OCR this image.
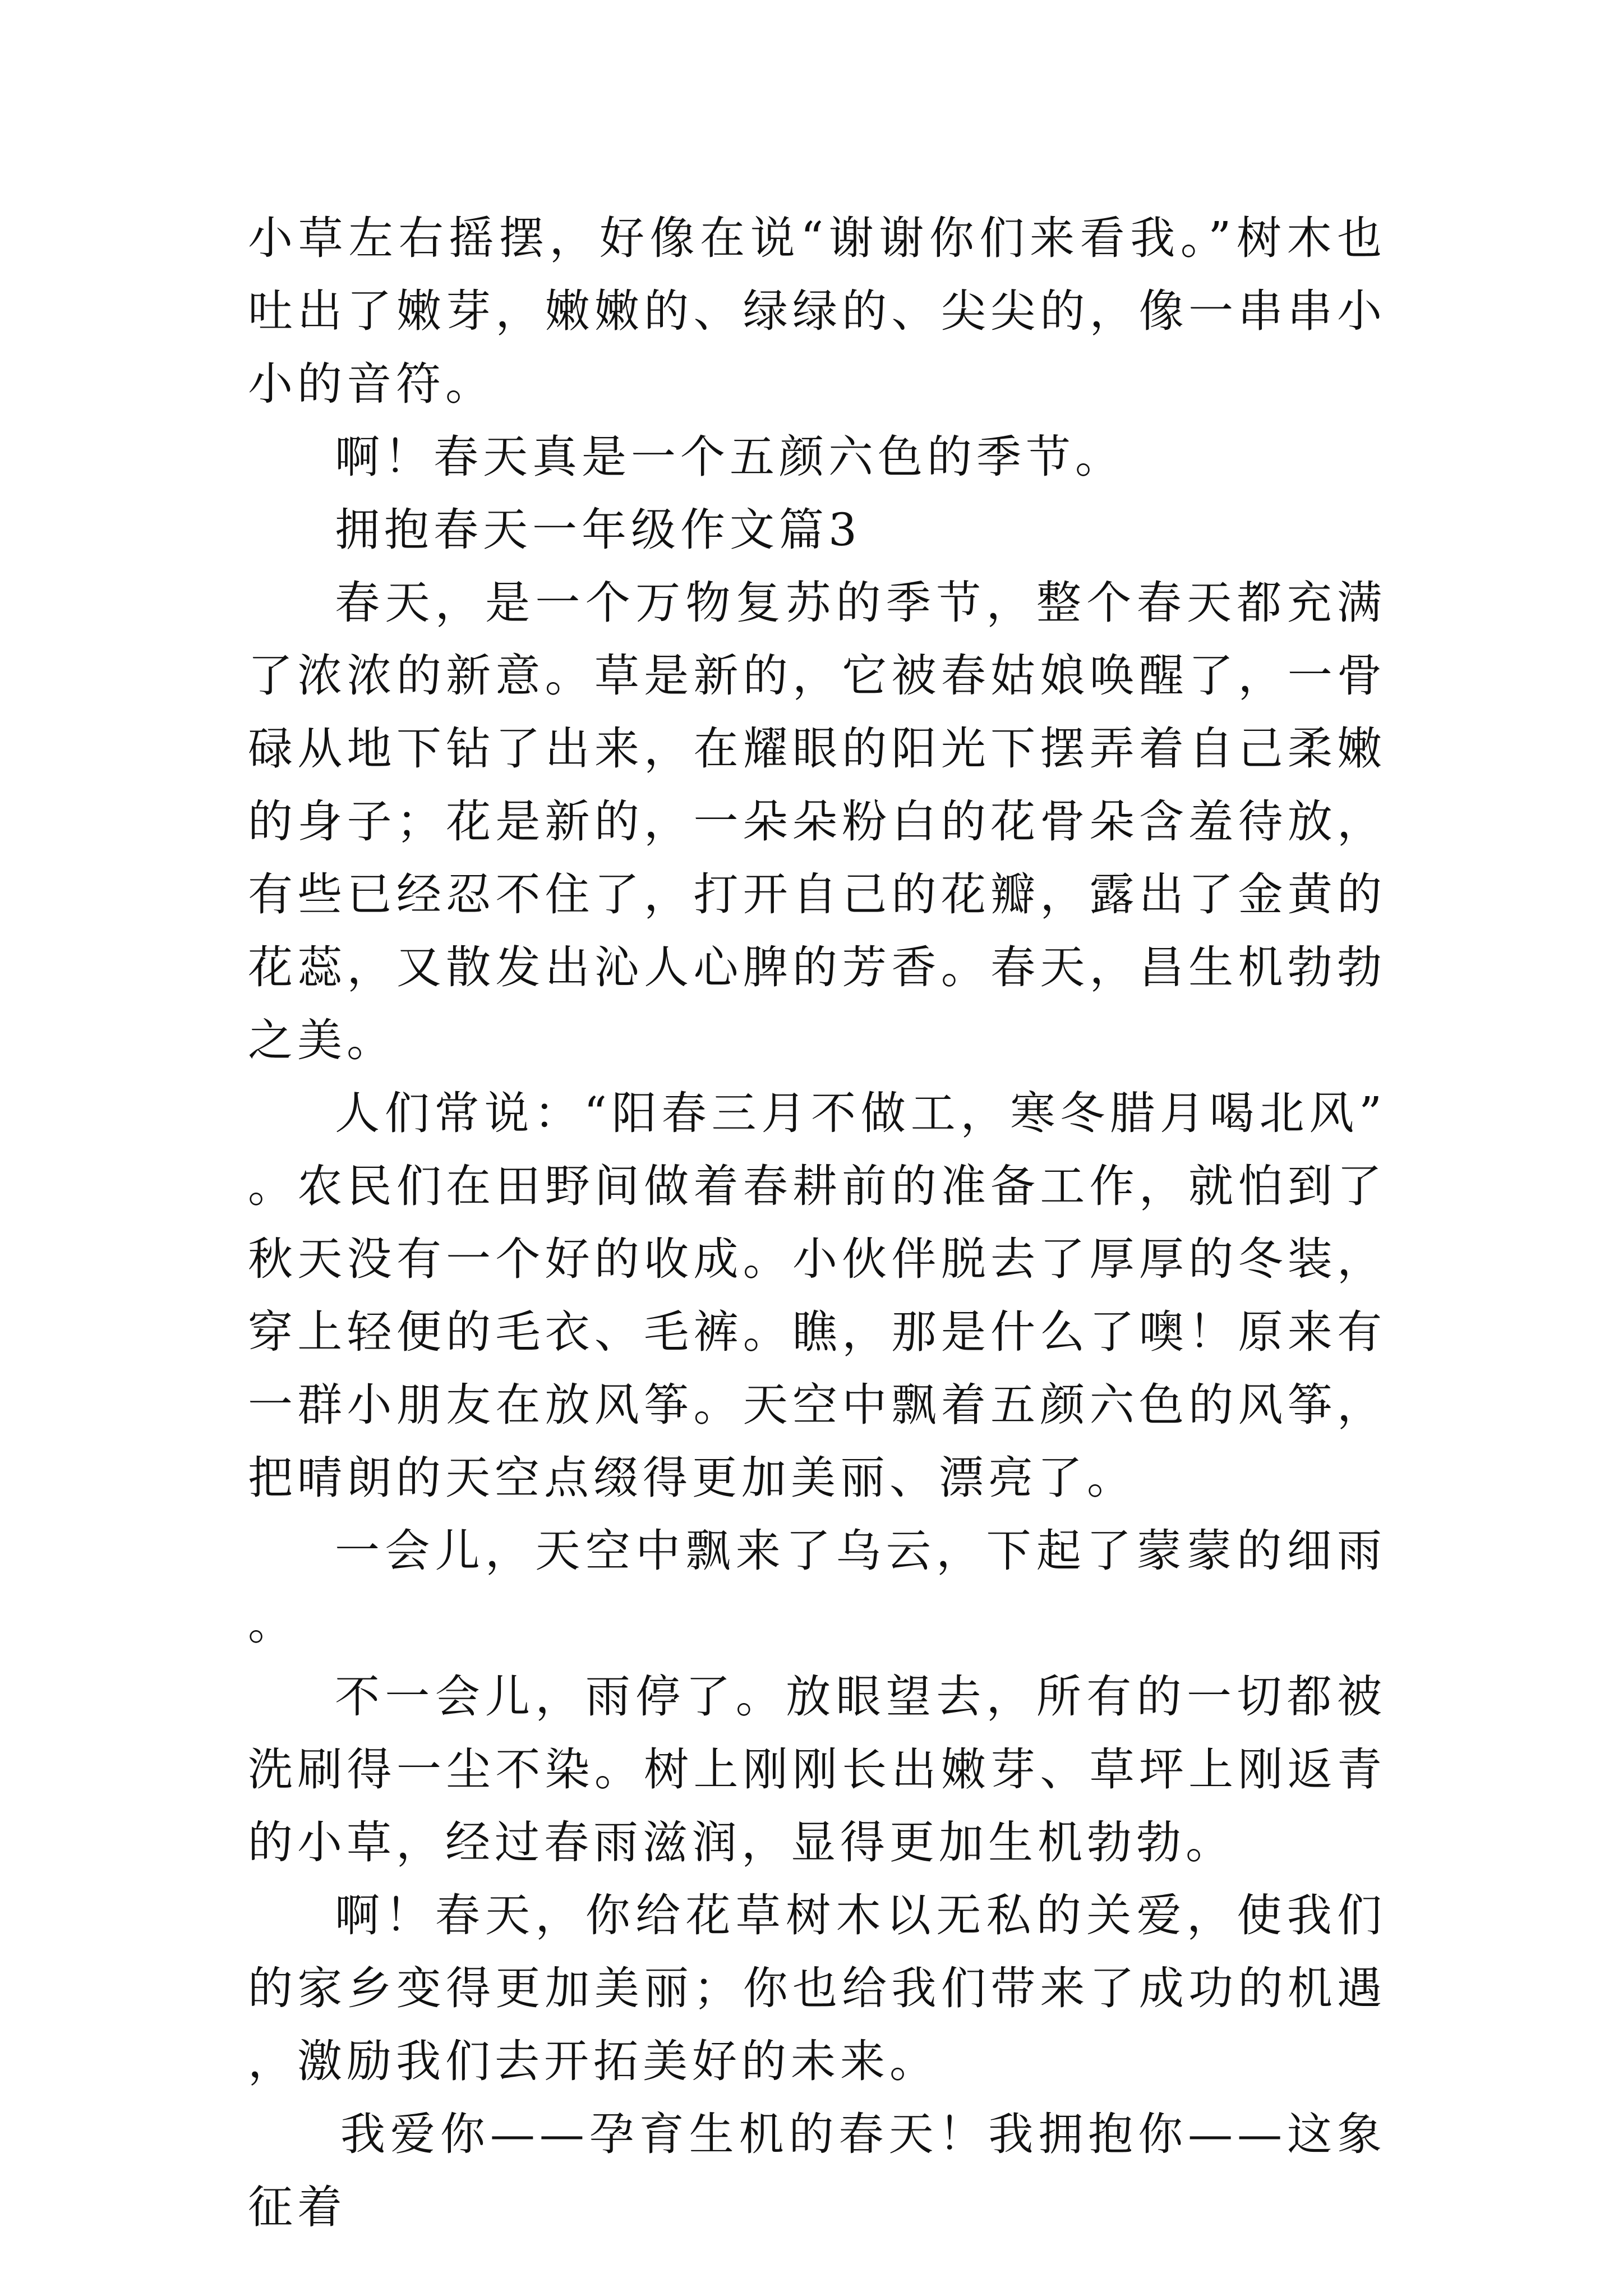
小草左右摇摆，好像在说“谢谢你们来看我。”树木也吐出了嫩芽，嫩嫩的、绿绿的、尖尖的，像一串串小小的音符。

啊！春天真是一个五颜六色的季节。

拥抱春天一年级作文篇3

春天，是一个万物复苏的季节，整个春天都充满了浓浓的新意。草是新的，它被春姑娘唤醒了，一骨碌从地下钻了出来，在耀眼的阳光下摆弄着自己柔嫩的身子；花是新的，一朵朵粉白的花骨朵含羞待放，有些已经忍不住了，打开自己的花瓣，露出了金黄的花蕊，又散发出沁人心脾的芳香。春天，昌生机勃勃之美。

人们常说：“阳春三月不做工，寒冬腊月喝北风”。农民们在田野间做着春耕前的准备工作，就怕到了秋天没有一个好的收成。小伙伴脱去了厚厚的冬装，穿上轻便的毛衣、毛裤。瞧，那是什么了噢！原来有一群小朋友在放风筝。天空中飘着五颜六色的风筝，把晴朗的天空点缀得更加美丽、漂亮了。

一会儿，天空中飘来了乌云，下起了蒙蒙的细雨。

不一会儿，雨停了。放眼望去，所有的一切都被洗刷得一尘不染。树上刚刚长出嫩芽、草坪上刚返青的小草，经过春雨滋润，显得更加生机勃勃。

啊！春天，你给花草树木以无私的关爱，使我们的家乡变得更加美丽；你也给我们带来了成功的机遇，激励我们去开拓美好的未来。

我爱你——孕育生机的春天！我拥抱你——这象征着
